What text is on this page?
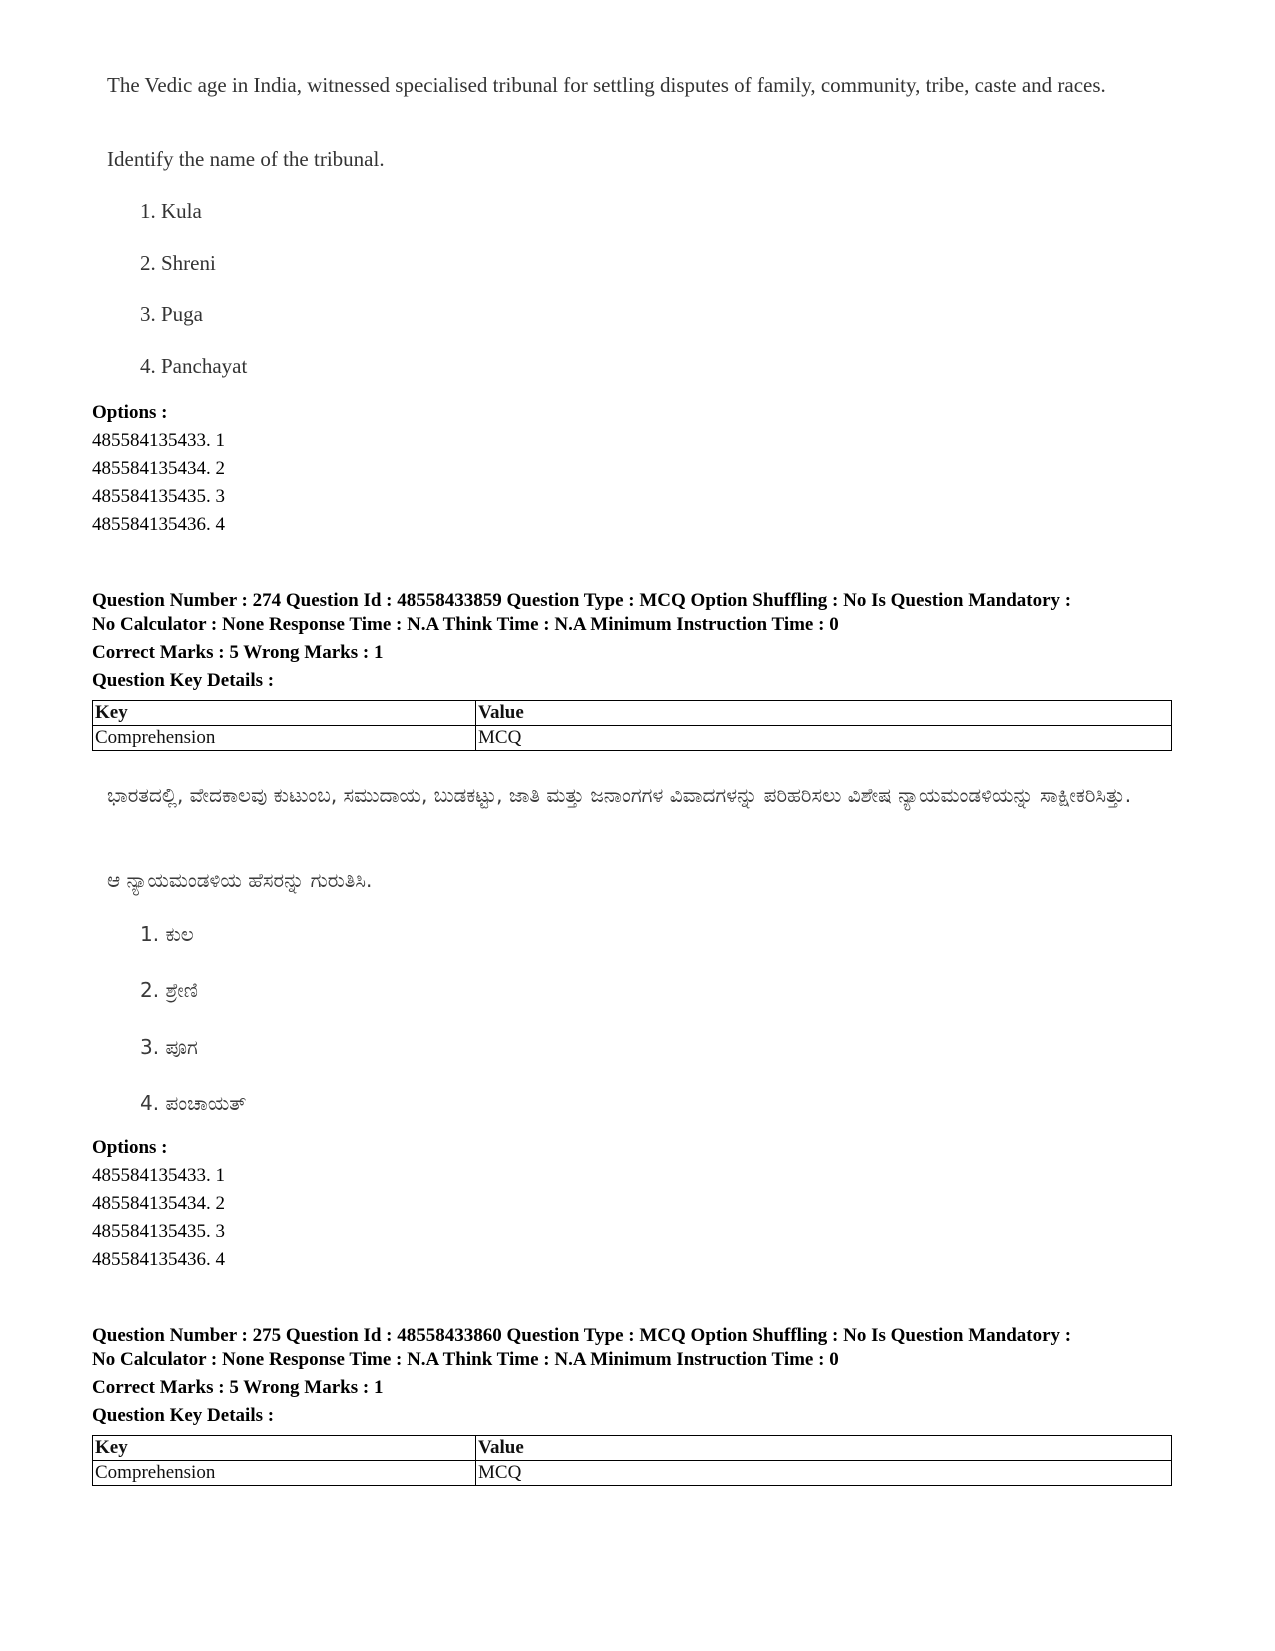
The Vedic age in India, witnessed specialised tribunal for settling disputes of family, community, tribe, caste and races.

Identify the name of the tribunal.

1. Kula
2. Shreni
3. Puga
4. Panchayat
Options :
485584135433. 1
485584135434. 2
485584135435. 3
485584135436. 4
Question Number : 274 Question Id : 48558433859 Question Type : MCQ Option Shuffling : No Is Question Mandatory :
No Calculator : None Response Time : N.A Think Time : N.A Minimum Instruction Time : 0
Correct Marks : 5 Wrong Marks : 1
Question Key Details :
Key	Value
Comprehension	MCQ

ಭಾರತದಲ್ಲಿ, ವೇದಕಾಲವು ಕುಟುಂಬ, ಸಮುದಾಯ, ಬುಡಕಟ್ಟು, ಜಾತಿ ಮತ್ತು ಜನಾಂಗಗಳ ವಿವಾದಗಳನ್ನು ಪರಿಹರಿಸಲು ವಿಶೇಷ ನ್ಯಾಯಮಂಡಳಿಯನ್ನು ಸಾಕ್ಷೀಕರಿಸಿತ್ತು.

ಆ ನ್ಯಾಯಮಂಡಳಿಯ ಹೆಸರನ್ನು ಗುರುತಿಸಿ.

1. ಕುಲ
2. ಶ್ರೇಣಿ
3. ಪೂಗ
4. ಪಂಚಾಯತ್
Options :
485584135433. 1
485584135434. 2
485584135435. 3
485584135436. 4
Question Number : 275 Question Id : 48558433860 Question Type : MCQ Option Shuffling : No Is Question Mandatory :
No Calculator : None Response Time : N.A Think Time : N.A Minimum Instruction Time : 0
Correct Marks : 5 Wrong Marks : 1
Question Key Details :
Key	Value
Comprehension	MCQ
